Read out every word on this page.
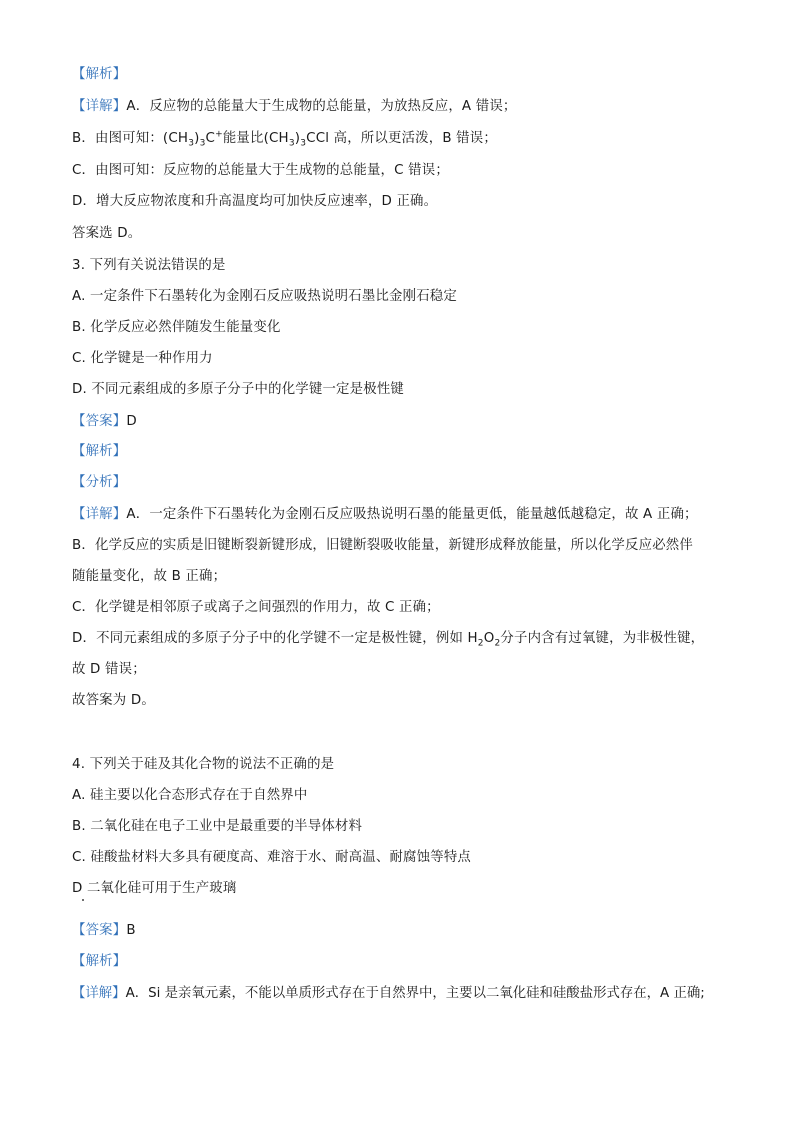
【解析】
【详解】A．反应物的总能量大于生成物的总能量，为放热反应，A 错误；
B．由图可知：$(CH_3)_3C^+$能量比$(CH_3)_3CCl$ 高，所以更活泼，B 错误；
C．由图可知：反应物的总能量大于生成物的总能量，C 错误；
D．增大反应物浓度和升高温度均可加快反应速率，D 正确。
答案选 D。
3. 下列有关说法错误的是
A. 一定条件下石墨转化为金刚石反应吸热说明石墨比金刚石稳定
B. 化学反应必然伴随发生能量变化
C. 化学键是一种作用力
D. 不同元素组成的多原子分子中的化学键一定是极性键
【答案】D
【解析】
【分析】
【详解】A．一定条件下石墨转化为金刚石反应吸热说明石墨的能量更低，能量越低越稳定，故 A 正确；
B．化学反应的实质是旧键断裂新键形成，旧键断裂吸收能量，新键形成释放能量，所以化学反应必然伴
随能量变化，故 B 正确；
C．化学键是相邻原子或离子之间强烈的作用力，故 C 正确；
D．不同元素组成的多原子分子中的化学键不一定是极性键，例如 $H_2O_2$分子内含有过氧键，为非极性键，
故 D 错误；
故答案为 D。
4. 下列关于硅及其化合物的说法不正确的是
A. 硅主要以化合态形式存在于自然界中
B. 二氧化硅在电子工业中是最重要的半导体材料
C. 硅酸盐材料大多具有硬度高、难溶于水、耐高温、耐腐蚀等特点
D 二氧化硅可用于生产玻璃
【答案】B
【解析】
【详解】A．Si 是亲氧元素，不能以单质形式存在于自然界中，主要以二氧化硅和硅酸盐形式存在，A 正确;
